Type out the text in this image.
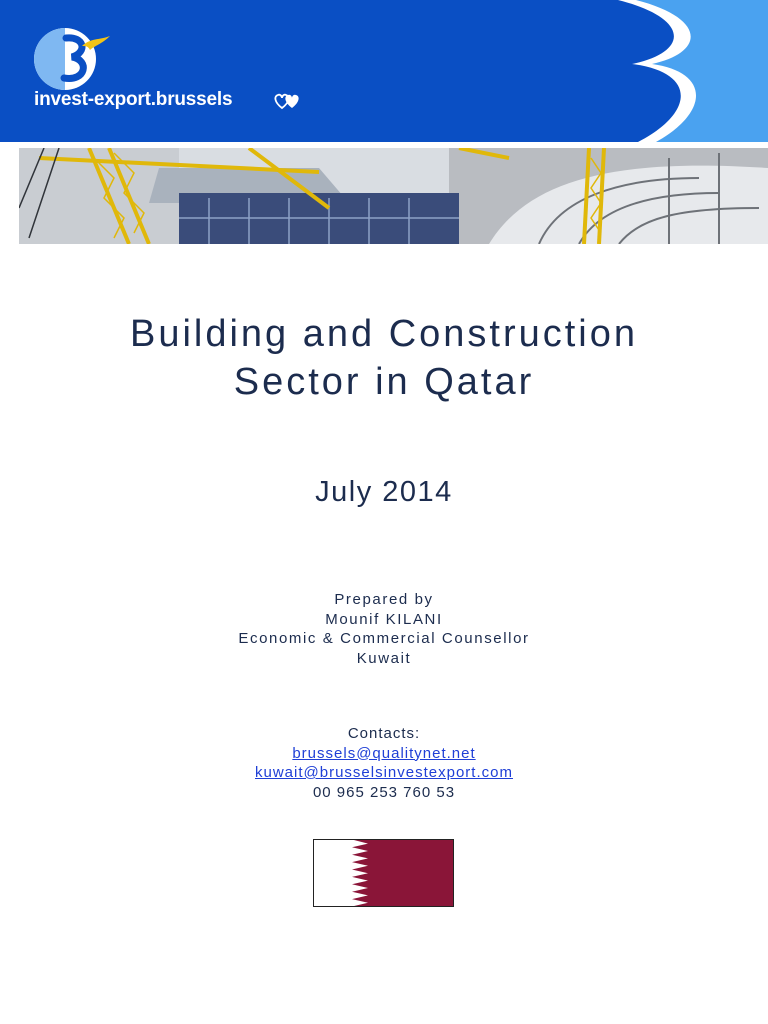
invest-export.brussels
Building and Construction
Sector in Qatar
July 2014
Prepared by
Mounif KILANI
Economic & Commercial Counsellor
Kuwait
Contacts:
brussels@qualitynet.net
kuwait@brusselsinvestexport.com
00 965 253 760 53
